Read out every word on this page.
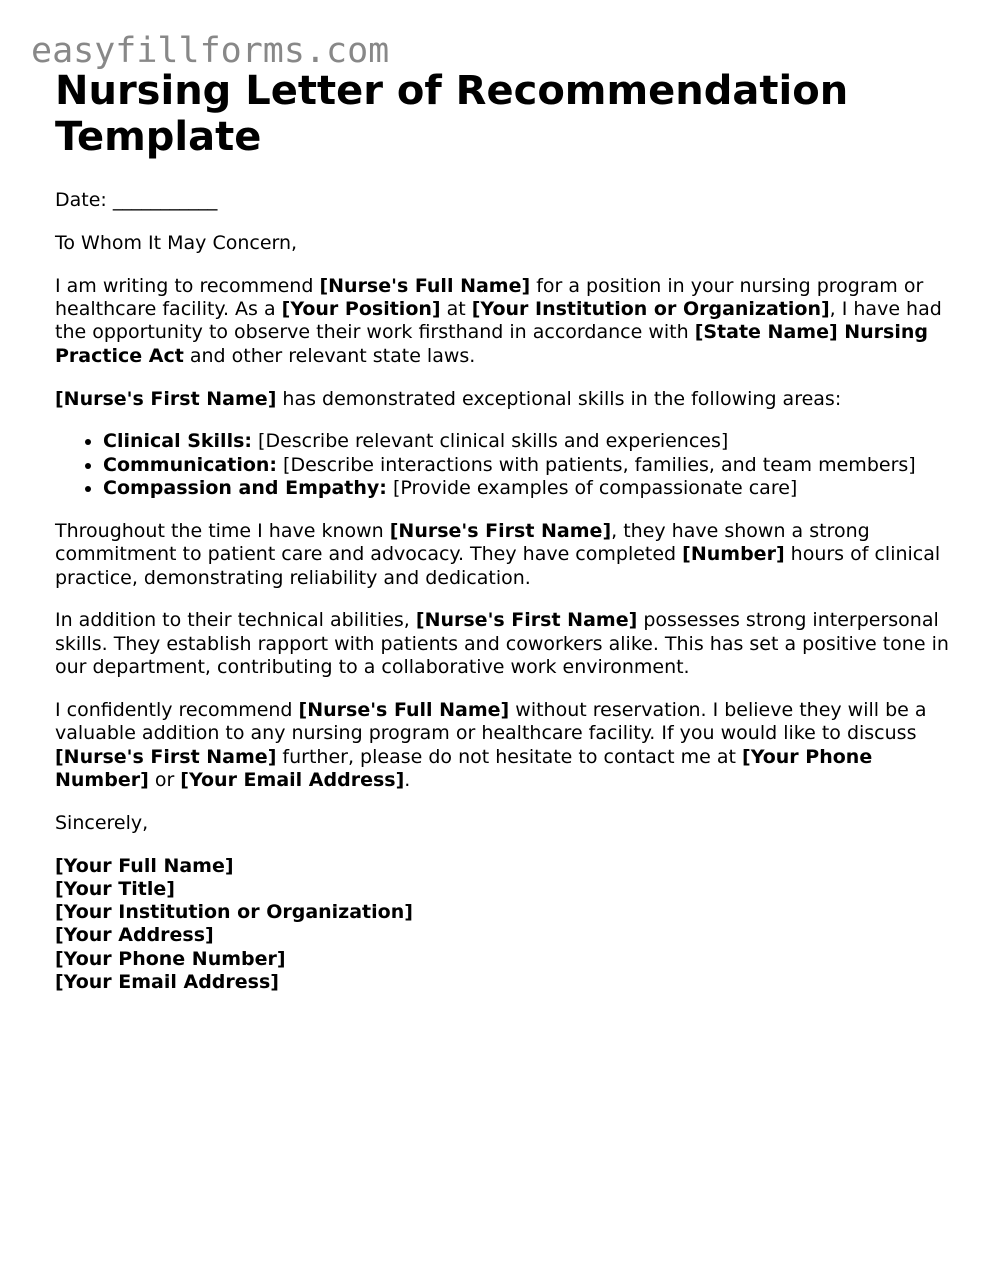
easyfillforms.com
Nursing Letter of Recommendation Template

Date: ___________

To Whom It May Concern,

I am writing to recommend [Nurse's Full Name] for a position in your nursing program or healthcare facility. As a [Your Position] at [Your Institution or Organization], I have had the opportunity to observe their work firsthand in accordance with [State Name] Nursing Practice Act and other relevant state laws.

[Nurse's First Name] has demonstrated exceptional skills in the following areas:

• Clinical Skills: [Describe relevant clinical skills and experiences]
• Communication: [Describe interactions with patients, families, and team members]
• Compassion and Empathy: [Provide examples of compassionate care]

Throughout the time I have known [Nurse's First Name], they have shown a strong commitment to patient care and advocacy. They have completed [Number] hours of clinical practice, demonstrating reliability and dedication.

In addition to their technical abilities, [Nurse's First Name] possesses strong interpersonal skills. They establish rapport with patients and coworkers alike. This has set a positive tone in our department, contributing to a collaborative work environment.

I confidently recommend [Nurse's Full Name] without reservation. I believe they will be a valuable addition to any nursing program or healthcare facility. If you would like to discuss [Nurse's First Name] further, please do not hesitate to contact me at [Your Phone Number] or [Your Email Address].

Sincerely,

[Your Full Name]
[Your Title]
[Your Institution or Organization]
[Your Address]
[Your Phone Number]
[Your Email Address]
